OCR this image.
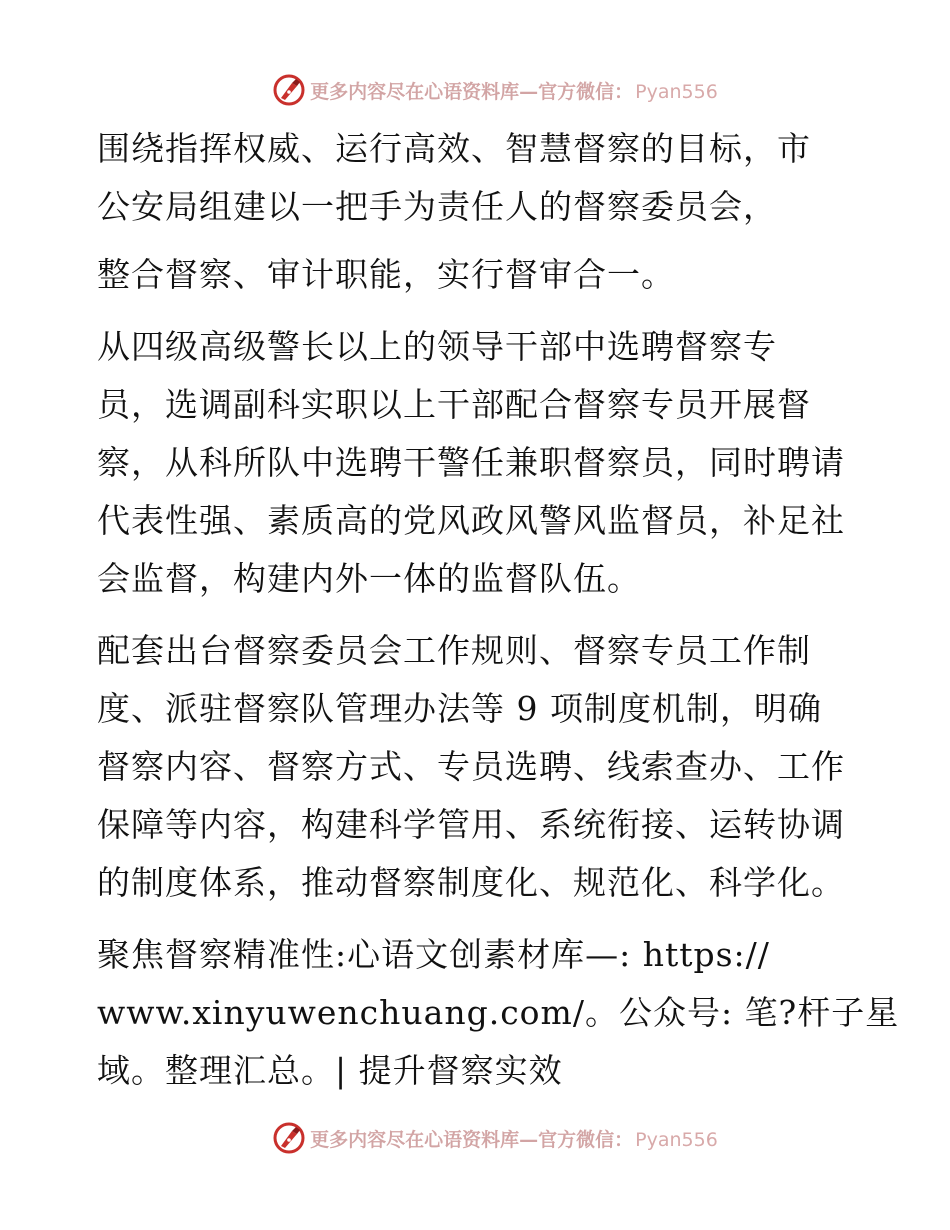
更多内容尽在心语资料库—官方微信： Pyan556
围绕指挥权威、运行高效、智慧督察的目标，市
公安局组建以一把手为责任人的督察委员会，
整合督察、审计职能，实行督审合一。
从四级高级警长以上的领导干部中选聘督察专
员，选调副科实职以上干部配合督察专员开展督
察，从科所队中选聘干警任兼职督察员，同时聘请
代表性强、素质高的党风政风警风监督员，补足社
会监督，构建内外一体的监督队伍。
配套出台督察委员会工作规则、督察专员工作制
度、派驻督察队管理办法等 9 项制度机制，明确
督察内容、督察方式、专员选聘、线索查办、工作
保障等内容，构建科学管用、系统衔接、运转协调
的制度体系，推动督察制度化、规范化、科学化。
聚焦督察精准性:心语文创素材库—: https://
www.xinyuwenchuang.com/。公众号: 笔?杆子星
域。整理汇总。| 提升督察实效
更多内容尽在心语资料库—官方微信： Pyan556
